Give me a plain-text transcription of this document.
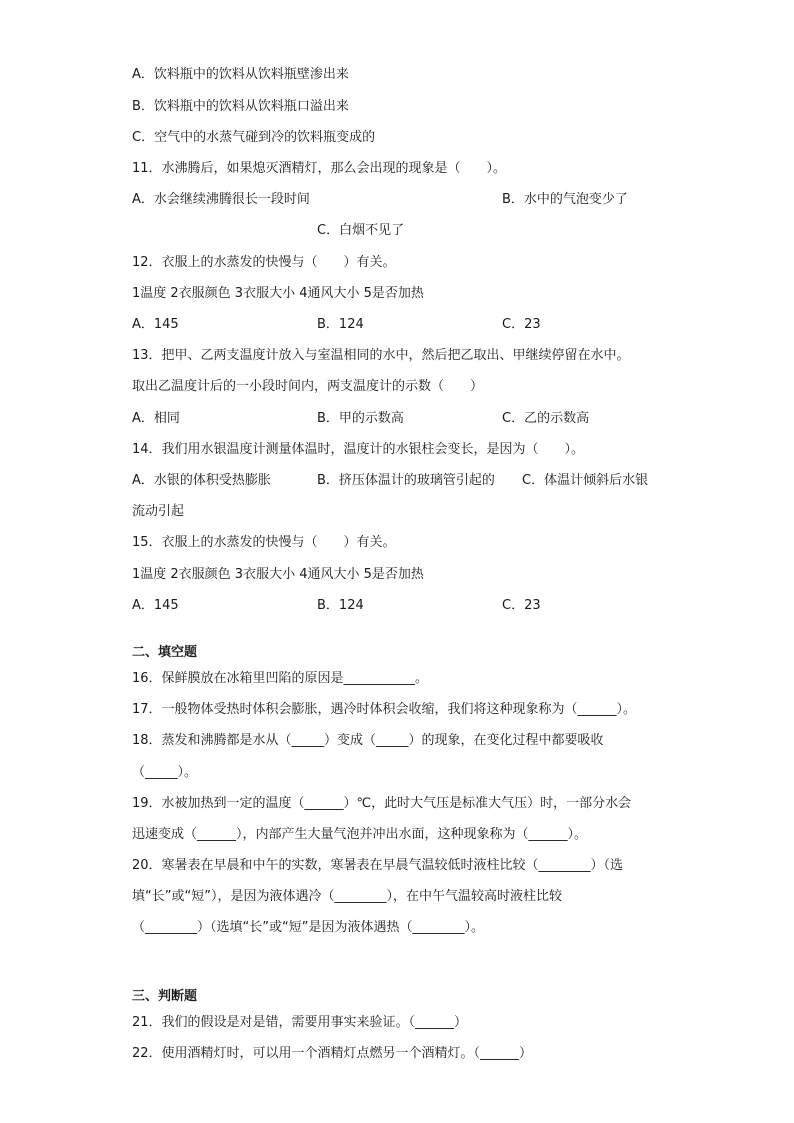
A．饮料瓶中的饮料从饮料瓶壁渗出来
B．饮料瓶中的饮料从饮料瓶口溢出来
C．空气中的水蒸气碰到冷的饮料瓶变成的
11．水沸腾后，如果熄灭酒精灯，那么会出现的现象是（　　）。
A．水会继续沸腾很长一段时间	B．水中的气泡变少了
C．白烟不见了
12．衣服上的水蒸发的快慢与（　　）有关。
1温度 2衣服颜色 3衣服大小 4通风大小 5是否加热
A．145	B．124	C．23
13．把甲、乙两支温度计放入与室温相同的水中，然后把乙取出、甲继续停留在水中。
取出乙温度计后的一小段时间内，两支温度计的示数（　　）
A．相同	B．甲的示数高	C．乙的示数高
14．我们用水银温度计测量体温时，温度计的水银柱会变长，是因为（　　）。
A．水银的体积受热膨胀	B．挤压体温计的玻璃管引起的 C．体温计倾斜后水银
流动引起
15．衣服上的水蒸发的快慢与（　　）有关。
1温度 2衣服颜色 3衣服大小 4通风大小 5是否加热
A．145	B．124	C．23
二、填空题
16．保鲜膜放在冰箱里凹陷的原因是___________。
17．一般物体受热时体积会膨胀，遇冷时体积会收缩，我们将这种现象称为（______）。
18．蒸发和沸腾都是水从（_____）变成（_____）的现象，在变化过程中都要吸收
（_____）。
19．水被加热到一定的温度（______）℃，此时大气压是标准大气压）时，一部分水会
迅速变成（______），内部产生大量气泡并冲出水面，这种现象称为（______）。
20．寒暑表在早晨和中午的实数，寒暑表在早晨气温较低时液柱比较（________）（选
填“长”或“短”），是因为液体遇冷（________），在中午气温较高时液柱比较
（________）（选填“长”或“短”是因为液体遇热（________）。
三、判断题
21．我们的假设是对是错，需要用事实来验证。（______）
22．使用酒精灯时，可以用一个酒精灯点燃另一个酒精灯。（______）
